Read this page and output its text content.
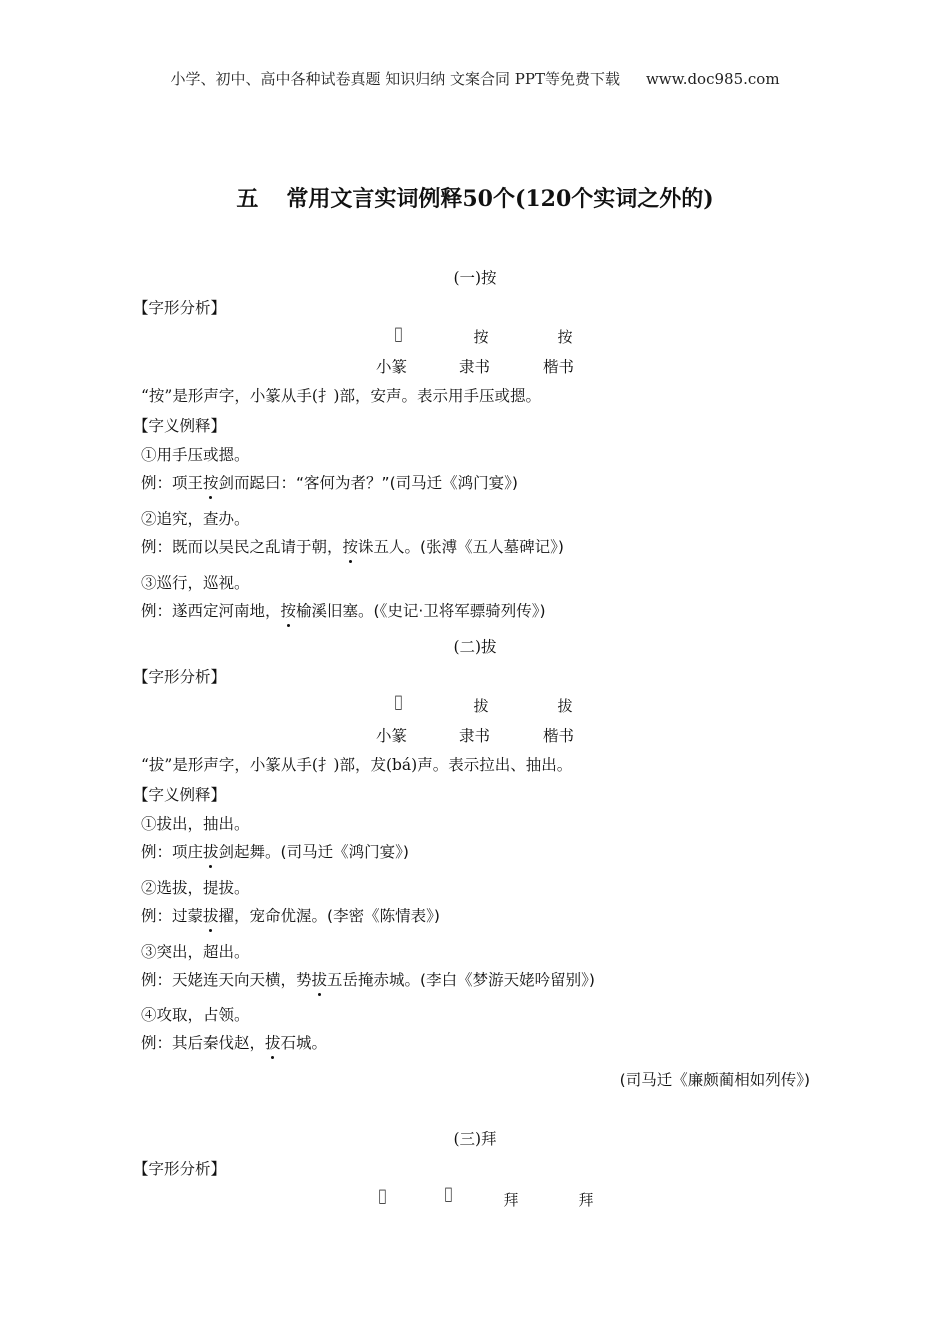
小学、初中、高中各种试卷真题 知识归纳 文案合同 PPT等免费下载 www.doc985.com
五 常用文言实词例释50个(120个实词之外的)
(一)按
【字形分析】
𢪙	按	按
小篆	隶书	楷书
“按”是形声字，小篆从手(扌)部，安声。表示用手压或摁。
【字义例释】
①用手压或摁。
例：项王按剑而跽曰：“客何为者？”(司马迁《鸿门宴》)
②追究，查办。
例：既而以吴民之乱请于朝，按诛五人。(张溥《五人墓碑记》)
③巡行，巡视。
例：遂西定河南地，按榆溪旧塞。(《史记·卫将军骠骑列传》)
(二)拔
【字形分析】
𢪙	拔	拔
小篆	隶书	楷书
“拔”是形声字，小篆从手(扌)部，犮(bá)声。表示拉出、抽出。
【字义例释】
①拔出，抽出。
例：项庄拔剑起舞。(司马迁《鸿门宴》)
②选拔，提拔。
例：过蒙拔擢，宠命优渥。(李密《陈情表》)
③突出，超出。
例：天姥连天向天横，势拔五岳掩赤城。(李白《梦游天姥吟留别》)
④攻取，占领。
例：其后秦伐赵，拔石城。
(司马迁《廉颇蔺相如列传》)
(三)拜
【字形分析】
𢪙	𢪙	拜	拜
